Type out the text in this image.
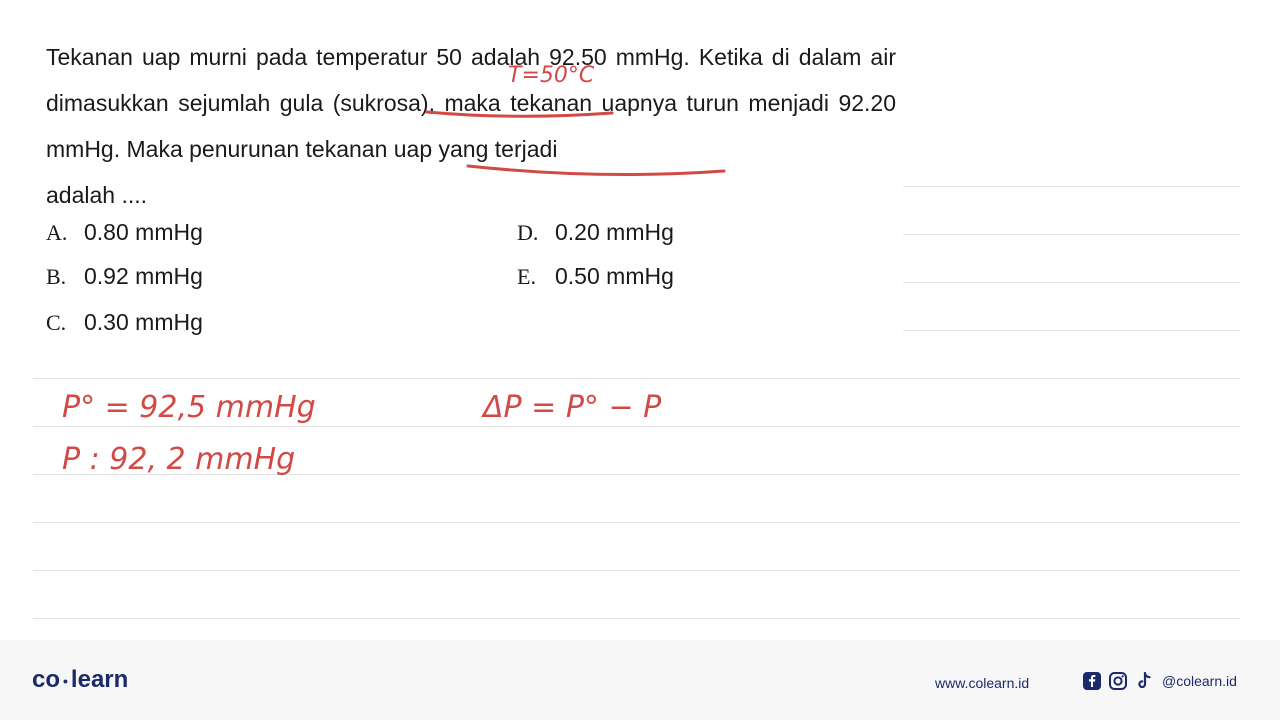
Tekanan uap murni pada temperatur 50 adalah 92.50 mmHg. Ketika di dalam air dimasukkan sejumlah gula (sukrosa), maka tekanan uapnya turun menjadi 92.20 mmHg. Maka penurunan tekanan uap yang terjadi
adalah ....

A. 0.80 mmHg
B. 0.92 mmHg
C. 0.30 mmHg
D. 0.20 mmHg
E. 0.50 mmHg
T=50°C
P° = 92,5 mmHg
P : 92, 2 mmHg
ΔP = P° − P
co • learn	www.colearn.id	@colearn.id
